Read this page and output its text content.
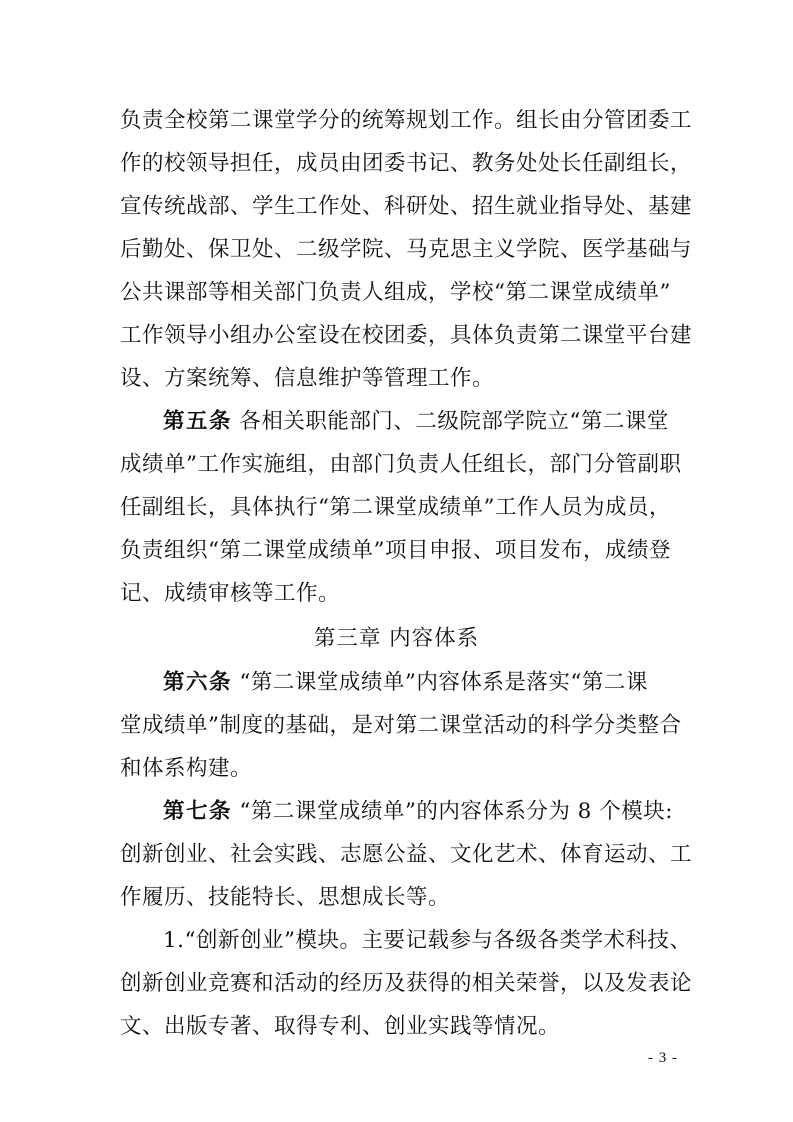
负责全校第二课堂学分的统筹规划工作。组长由分管团委工
作的校领导担任，成员由团委书记、教务处处长任副组长，
宣传统战部、学生工作处、科研处、招生就业指导处、基建
后勤处、保卫处、二级学院、马克思主义学院、医学基础与
公共课部等相关部门负责人组成，学校“第二课堂成绩单”
工作领导小组办公室设在校团委，具体负责第二课堂平台建
设、方案统筹、信息维护等管理工作。
第五条 各相关职能部门、二级院部学院立“第二课堂
成绩单”工作实施组，由部门负责人任组长，部门分管副职
任副组长，具体执行“第二课堂成绩单”工作人员为成员，
负责组织“第二课堂成绩单”项目申报、项目发布，成绩登
记、成绩审核等工作。
第三章 内容体系
第六条 “第二课堂成绩单”内容体系是落实“第二课
堂成绩单”制度的基础，是对第二课堂活动的科学分类整合
和体系构建。
第七条 “第二课堂成绩单”的内容体系分为 8 个模块:
创新创业、社会实践、志愿公益、文化艺术、体育运动、工
作履历、技能特长、思想成长等。
1.“创新创业”模块。主要记载参与各级各类学术科技、
创新创业竞赛和活动的经历及获得的相关荣誉，以及发表论
文、出版专著、取得专利、创业实践等情况。
- 3 -
